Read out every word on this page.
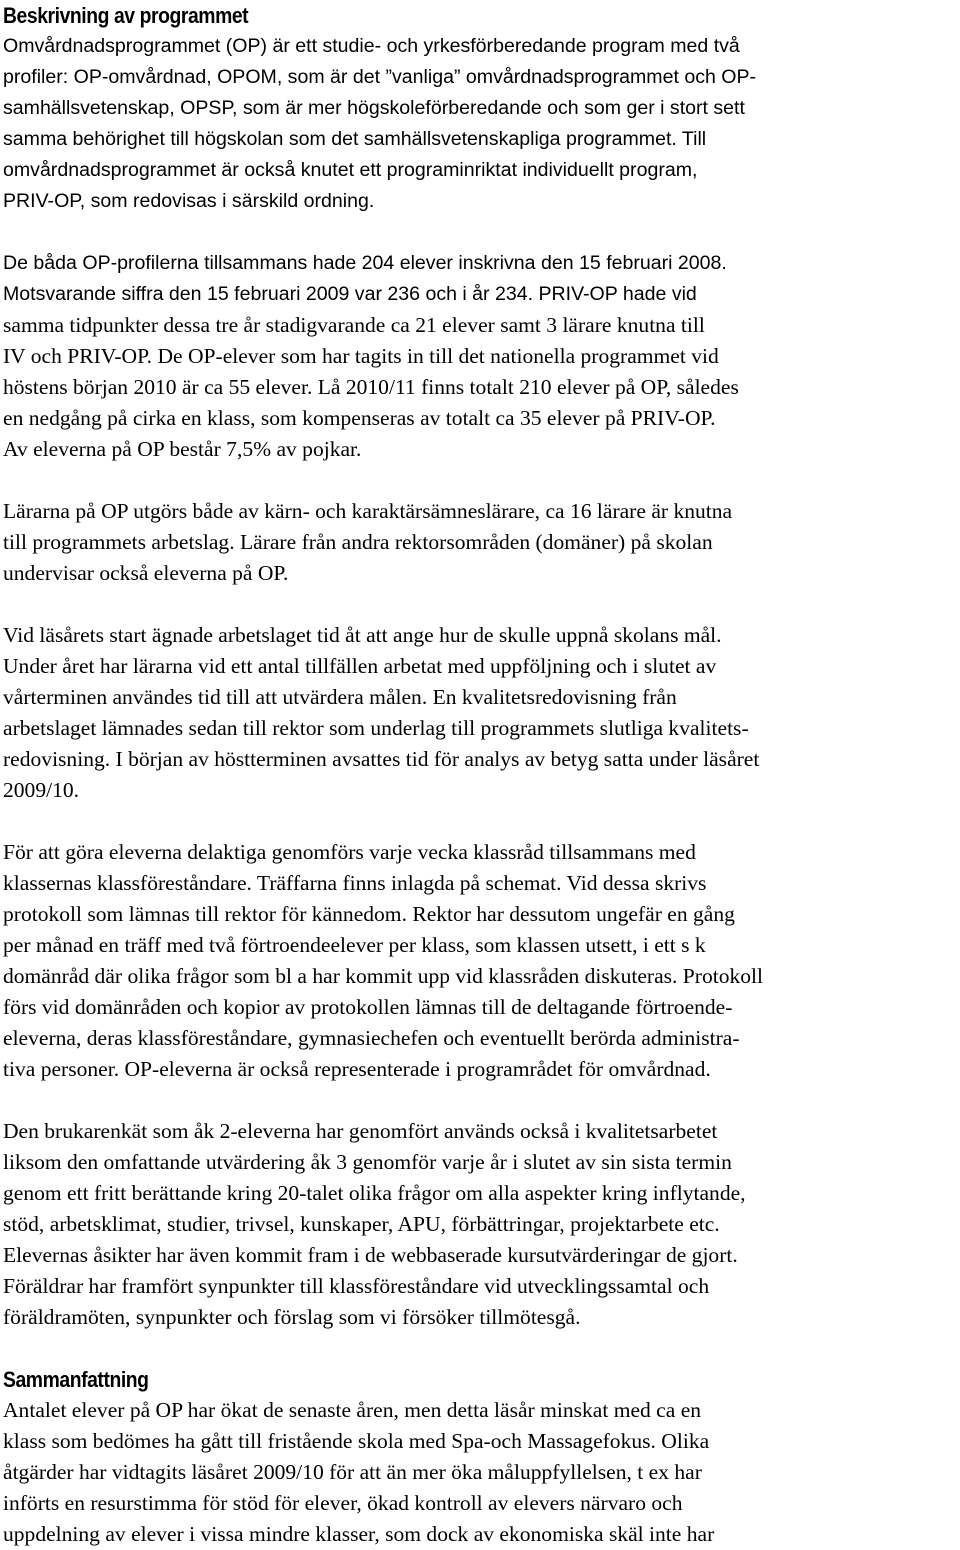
Beskrivning av programmet
Omvårdnadsprogrammet (OP) är ett studie- och yrkesförberedande program med två
profiler: OP-omvårdnad, OPOM, som är det ”vanliga” omvårdnadsprogrammet och OP-
samhällsvetenskap, OPSP, som är mer högskoleförberedande och som ger i stort sett
samma behörighet till högskolan som det samhällsvetenskapliga programmet. Till
omvårdnadsprogrammet är också knutet ett programinriktat individuellt program,
PRIV-OP, som redovisas i särskild ordning.
De båda OP-profilerna tillsammans hade 204 elever inskrivna den 15 februari 2008.
Motsvarande siffra den 15 februari 2009 var 236 och i år 234. PRIV-OP hade vid
samma tidpunkter dessa tre år stadigvarande ca 21 elever samt 3 lärare knutna till
IV och PRIV-OP. De OP-elever som har tagits in till det nationella programmet vid
höstens början 2010 är ca 55 elever. Lå 2010/11 finns totalt 210 elever på OP, således
en nedgång på cirka en klass, som kompenseras av totalt ca 35 elever på PRIV-OP.
Av eleverna på OP består 7,5% av pojkar.
Lärarna på OP utgörs både av kärn- och karaktärsämneslärare, ca 16 lärare är knutna
till programmets arbetslag. Lärare från andra rektorsområden (domäner) på skolan
undervisar också eleverna på OP.
Vid läsårets start ägnade arbetslaget tid åt att ange hur de skulle uppnå skolans mål.
Under året har lärarna vid ett antal tillfällen arbetat med uppföljning och i slutet av
vårterminen användes tid till att utvärdera målen. En kvalitetsredovisning från
arbetslaget lämnades sedan till rektor som underlag till programmets slutliga kvalitets-
redovisning. I början av höstterminen avsattes tid för analys av betyg satta under läsåret
2009/10.
För att göra eleverna delaktiga genomförs varje vecka klassråd tillsammans med
klassernas klassföreståndare. Träffarna finns inlagda på schemat. Vid dessa skrivs
protokoll som lämnas till rektor för kännedom. Rektor har dessutom ungefär en gång
per månad en träff med två förtroendeelever per klass, som klassen utsett, i ett s k
domänråd där olika frågor som bl a har kommit upp vid klassråden diskuteras. Protokoll
förs vid domänråden och kopior av protokollen lämnas till de deltagande förtroende-
eleverna, deras klassföreståndare, gymnasiechefen och eventuellt berörda administra-
tiva personer. OP-eleverna är också representerade i programrådet för omvårdnad.
Den brukarenkät som åk 2-eleverna har genomfört används också i kvalitetsarbetet
liksom den omfattande utvärdering åk 3 genomför varje år i slutet av sin sista termin
genom ett fritt berättande kring 20-talet olika frågor om alla aspekter kring inflytande,
stöd, arbetsklimat, studier, trivsel, kunskaper, APU, förbättringar, projektarbete etc.
Elevernas åsikter har även kommit fram i de webbaserade kursutvärderingar de gjort.
Föräldrar har framfört synpunkter till klassföreståndare vid utvecklingssamtal och
föräldramöten, synpunkter och förslag som vi försöker tillmötesgå.
Sammanfattning
Antalet elever på OP har ökat de senaste åren, men detta läsår minskat med ca en
klass som bedömes ha gått till fristående skola med Spa-och Massagefokus. Olika
åtgärder har vidtagits läsåret 2009/10 för att än mer öka måluppfyllelsen, t ex har
införts en resurstimma för stöd för elever, ökad kontroll av elevers närvaro och
uppdelning av elever i vissa mindre klasser, som dock av ekonomiska skäl inte har
